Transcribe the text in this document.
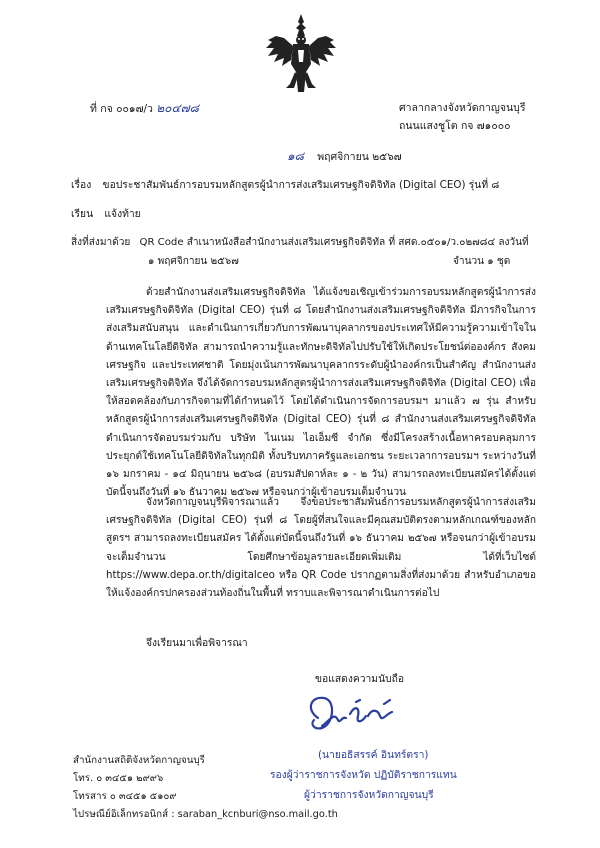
ที่ กจ ๐๐๑๗/ว ๒๐๔๗๘	ศาลากลางจังหวัดกาญจนบุรี
ถนนแสงชูโต กจ ๗๑๐๐๐
๑๘ พฤศจิกายน ๒๕๖๗
เรื่อง ขอประชาสัมพันธ์การอบรมหลักสูตรผู้นำการส่งเสริมเศรษฐกิจดิจิทัล (Digital CEO) รุ่นที่ ๘
เรียน แจ้งท้าย
สิ่งที่ส่งมาด้วย QR Code สำเนาหนังสือสำนักงานส่งเสริมเศรษฐกิจดิจิทัล ที่ สศด.๐๕๐๑/ว.๐๒๗๘๔ ลงวันที่
๑ พฤศจิกายน ๒๕๖๗	จำนวน ๑ ชุด
ด้วยสำนักงานส่งเสริมเศรษฐกิจดิจิทัล ได้แจ้งขอเชิญเข้าร่วมการอบรมหลักสูตรผู้นำการส่งเสริมเศรษฐกิจดิจิทัล (Digital CEO) รุ่นที่ ๘ โดยสำนักงานส่งเสริมเศรษฐกิจดิจิทัล มีภารกิจในการส่งเสริมสนับสนุน และดำเนินการเกี่ยวกับการพัฒนาบุคลากรของประเทศให้มีความรู้ความเข้าใจในด้านเทคโนโลยีดิจิทัล สามารถนำความรู้และทักษะดิจิทัลไปปรับใช้ให้เกิดประโยชน์ต่อองค์กร สังคม เศรษฐกิจ และประเทศชาติ โดยมุ่งเน้นการพัฒนาบุคลากรระดับผู้นำองค์กรเป็นสำคัญ สำนักงานส่งเสริมเศรษฐกิจดิจิทัล จึงได้จัดการอบรมหลักสูตรผู้นำการส่งเสริมเศรษฐกิจดิจิทัล (Digital CEO) เพื่อให้สอดคล้องกับภารกิจตามที่ได้กำหนดไว้ โดยได้ดำเนินการจัดการอบรมฯ มาแล้ว ๗ รุ่น สำหรับหลักสูตรผู้นำการส่งเสริมเศรษฐกิจดิจิทัล (Digital CEO) รุ่นที่ ๘ สำนักงานส่งเสริมเศรษฐกิจดิจิทัล ดำเนินการจัดอบรมร่วมกับ บริษัท ไนเนม ไอเอ็มซี จำกัด ซึ่งมีโครงสร้างเนื้อหาครอบคลุมการประยุกต์ใช้เทคโนโลยีดิจิทัลในทุกมิติ ทั้งบริบทภาครัฐและเอกชน ระยะเวลาการอบรมฯ ระหว่างวันที่ ๑๖ มกราคม - ๑๔ มิถุนายน ๒๕๖๘ (อบรมสัปดาห์ละ ๑ - ๒ วัน) สามารถลงทะเบียนสมัครได้ตั้งแต่บัดนี้จนถึงวันที่ ๑๖ ธันวาคม ๒๕๖๗ หรือจนกว่าผู้เข้าอบรมเต็มจำนวน
จังหวัดกาญจนบุรีพิจารณาแล้ว จึงขอประชาสัมพันธ์การอบรมหลักสูตรผู้นำการส่งเสริมเศรษฐกิจดิจิทัล (Digital CEO) รุ่นที่ ๘ โดยผู้ที่สนใจและมีคุณสมบัติตรงตามหลักเกณฑ์ของหลักสูตรฯ สามารถลงทะเบียนสมัคร ได้ตั้งแต่บัดนี้จนถึงวันที่ ๑๖ ธันวาคม ๒๕๖๗ หรือจนกว่าผู้เข้าอบรมจะเต็มจำนวน โดยศึกษาข้อมูลรายละเอียดเพิ่มเติม ได้ที่เว็บไซต์ https://www.depa.or.th/digitalceo หรือ QR Code ปรากฏตามสิ่งที่ส่งมาด้วย สำหรับอำเภอขอให้แจ้งองค์กรปกครองส่วนท้องถิ่นในพื้นที่ ทราบและพิจารณาดำเนินการต่อไป
จึงเรียนมาเพื่อพิจารณา
ขอแสดงความนับถือ
(นายอธิสรรค์ อินทร์ตรา)
รองผู้ว่าราชการจังหวัด ปฏิบัติราชการแทน
ผู้ว่าราชการจังหวัดกาญจนบุรี
สำนักงานสถิติจังหวัดกาญจนบุรี
โทร. ๐ ๓๔๕๑ ๒๙๙๖
โทรสาร ๐ ๓๔๕๑ ๕๑๐๙
ไปรษณีย์อิเล็กทรอนิกส์ : saraban_kcnburi@nso.mail.go.th
